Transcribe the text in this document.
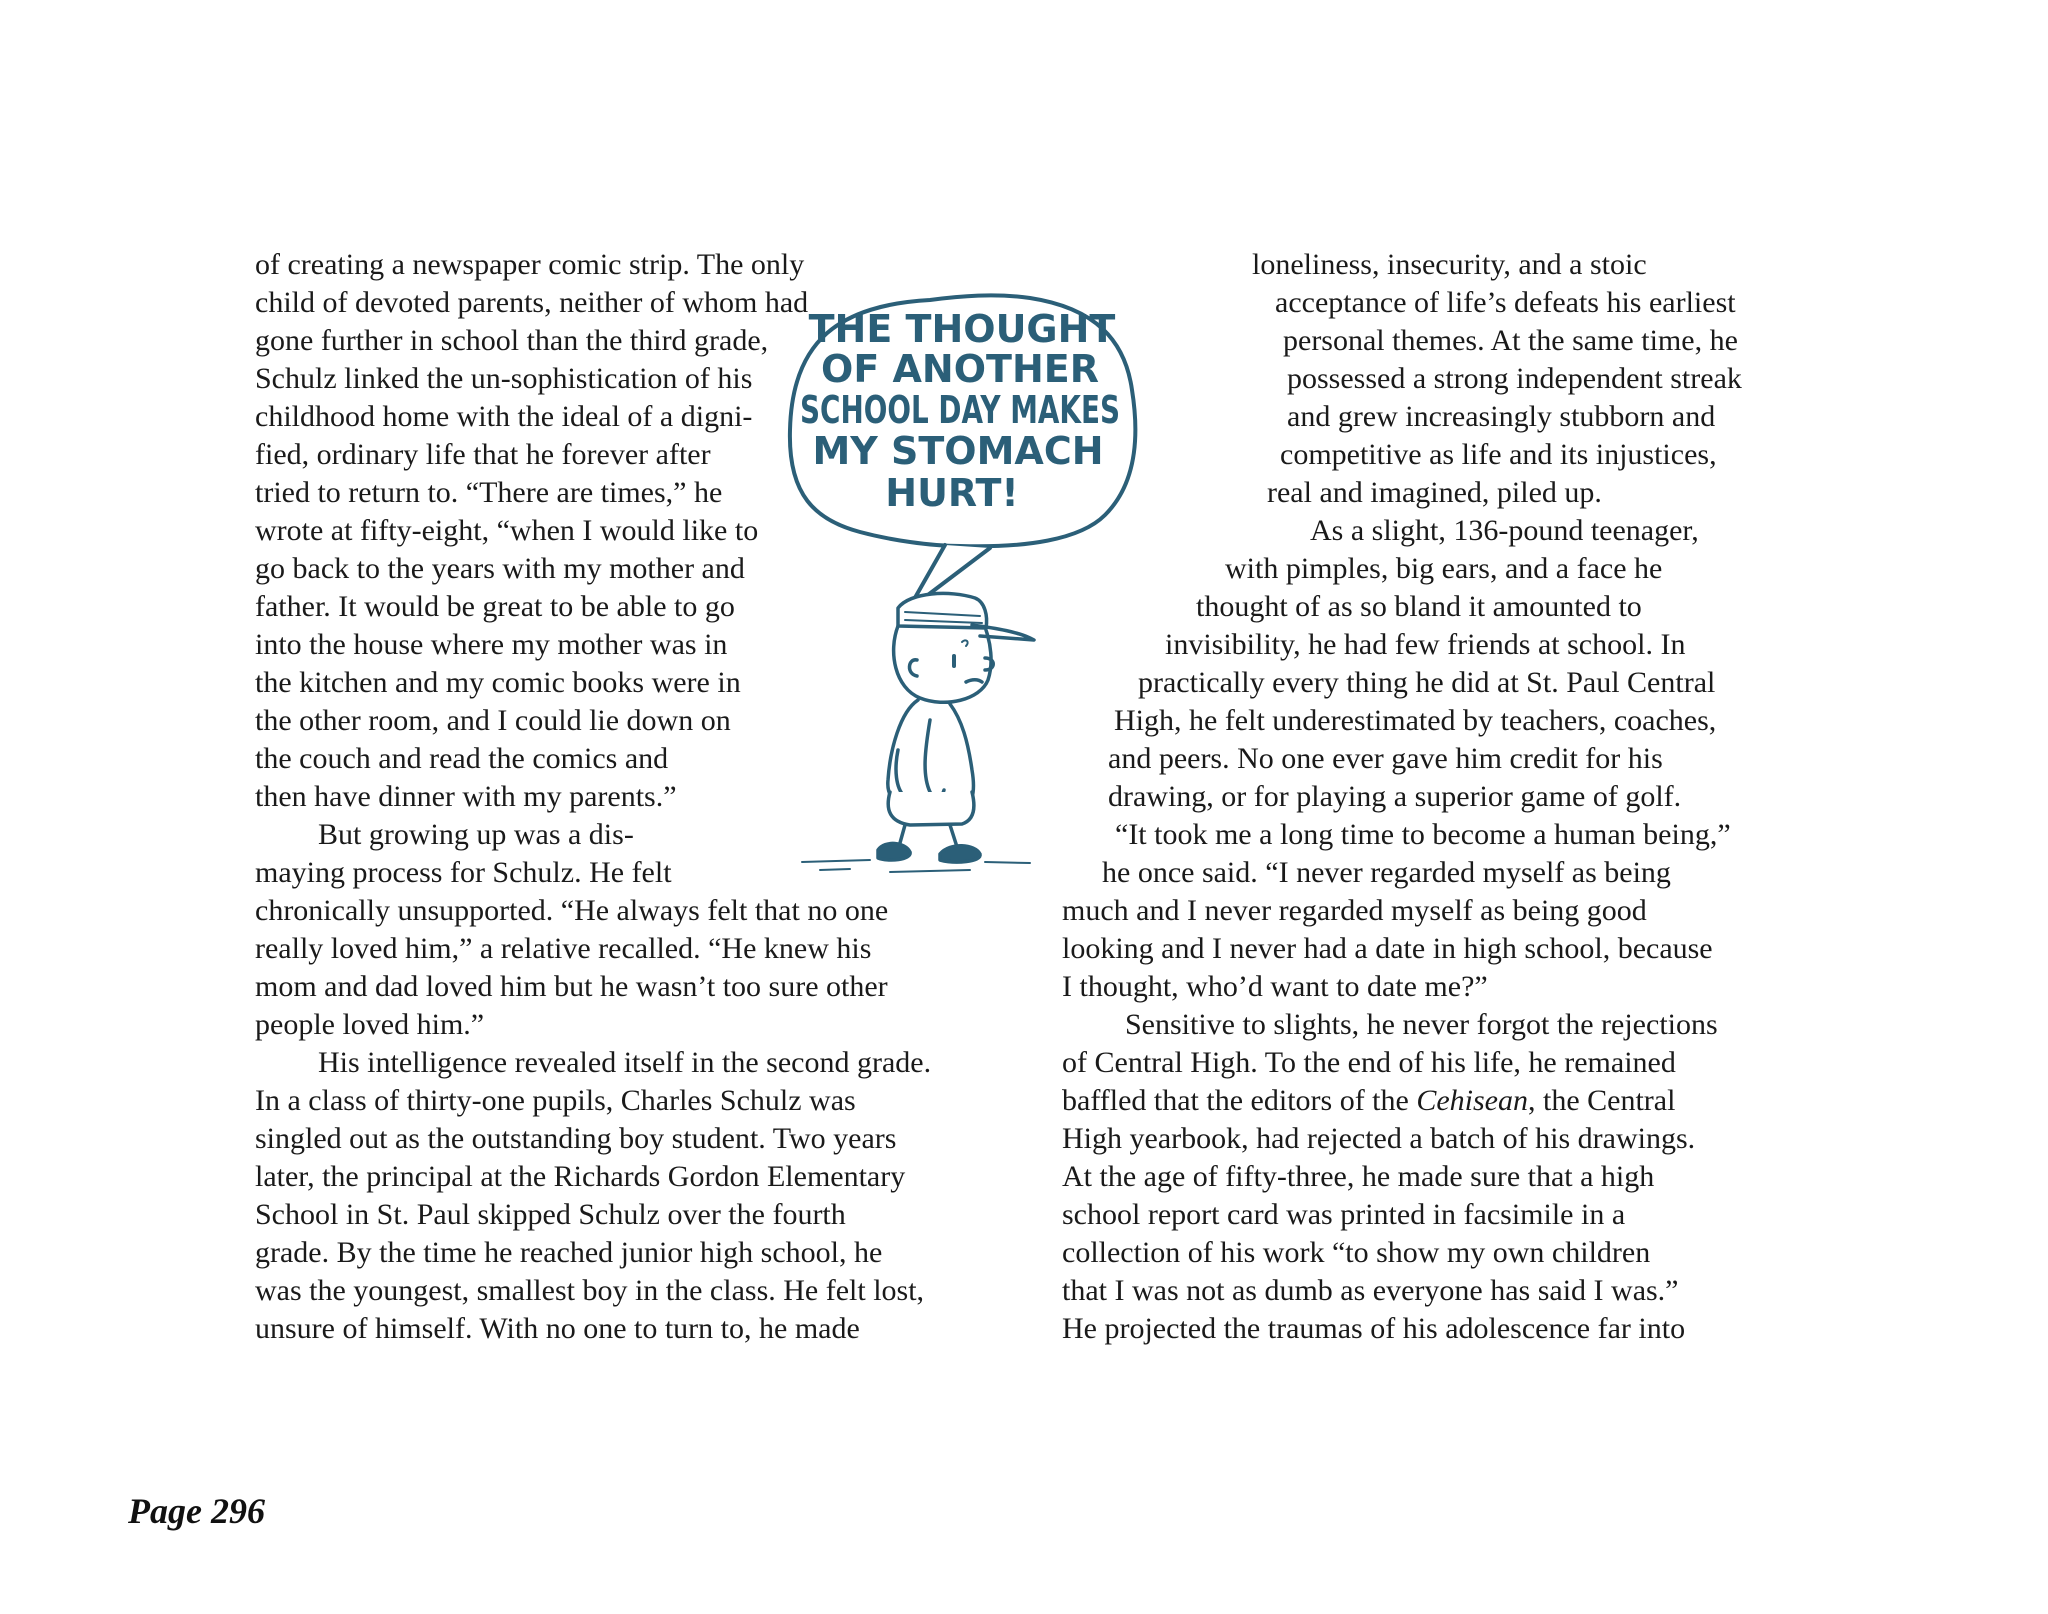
of creating a newspaper comic strip. The only
child of devoted parents, neither of whom had
gone further in school than the third grade,
Schulz linked the un-sophistication of his
childhood home with the ideal of a digni-
fied, ordinary life that he forever after
tried to return to. “There are times,” he
wrote at fifty-eight, “when I would like to
go back to the years with my mother and
father. It would be great to be able to go
into the house where my mother was in
the kitchen and my comic books were in
the other room, and I could lie down on
the couch and read the comics and
then have dinner with my parents.”
But growing up was a dis-
maying process for Schulz. He felt
chronically unsupported. “He always felt that no one
really loved him,” a relative recalled. “He knew his
mom and dad loved him but he wasn’t too sure other
people loved him.”
His intelligence revealed itself in the second grade.
In a class of thirty-one pupils, Charles Schulz was
singled out as the outstanding boy student. Two years
later, the principal at the Richards Gordon Elementary
School in St. Paul skipped Schulz over the fourth
grade. By the time he reached junior high school, he
was the youngest, smallest boy in the class. He felt lost,
unsure of himself. With no one to turn to, he made
loneliness, insecurity, and a stoic
acceptance of life’s defeats his earliest
personal themes. At the same time, he
possessed a strong independent streak
and grew increasingly stubborn and
competitive as life and its injustices,
real and imagined, piled up.
As a slight, 136-pound teenager,
with pimples, big ears, and a face he
thought of as so bland it amounted to
invisibility, he had few friends at school. In
practically every thing he did at St. Paul Central
High, he felt underestimated by teachers, coaches,
and peers. No one ever gave him credit for his
drawing, or for playing a superior game of golf.
“It took me a long time to become a human being,”
he once said. “I never regarded myself as being
much and I never regarded myself as being good
looking and I never had a date in high school, because
I thought, who’d want to date me?”
Sensitive to slights, he never forgot the rejections
of Central High. To the end of his life, he remained
baffled that the editors of the Cehisean, the Central
High yearbook, had rejected a batch of his drawings.
At the age of fifty-three, he made sure that a high
school report card was printed in facsimile in a
collection of his work “to show my own children
that I was not as dumb as everyone has said I was.”
He projected the traumas of his adolescence far into
THE THOUGHT
OF ANOTHER
SCHOOL DAY MAKES
MY STOMACH
HURT!
Page 296
